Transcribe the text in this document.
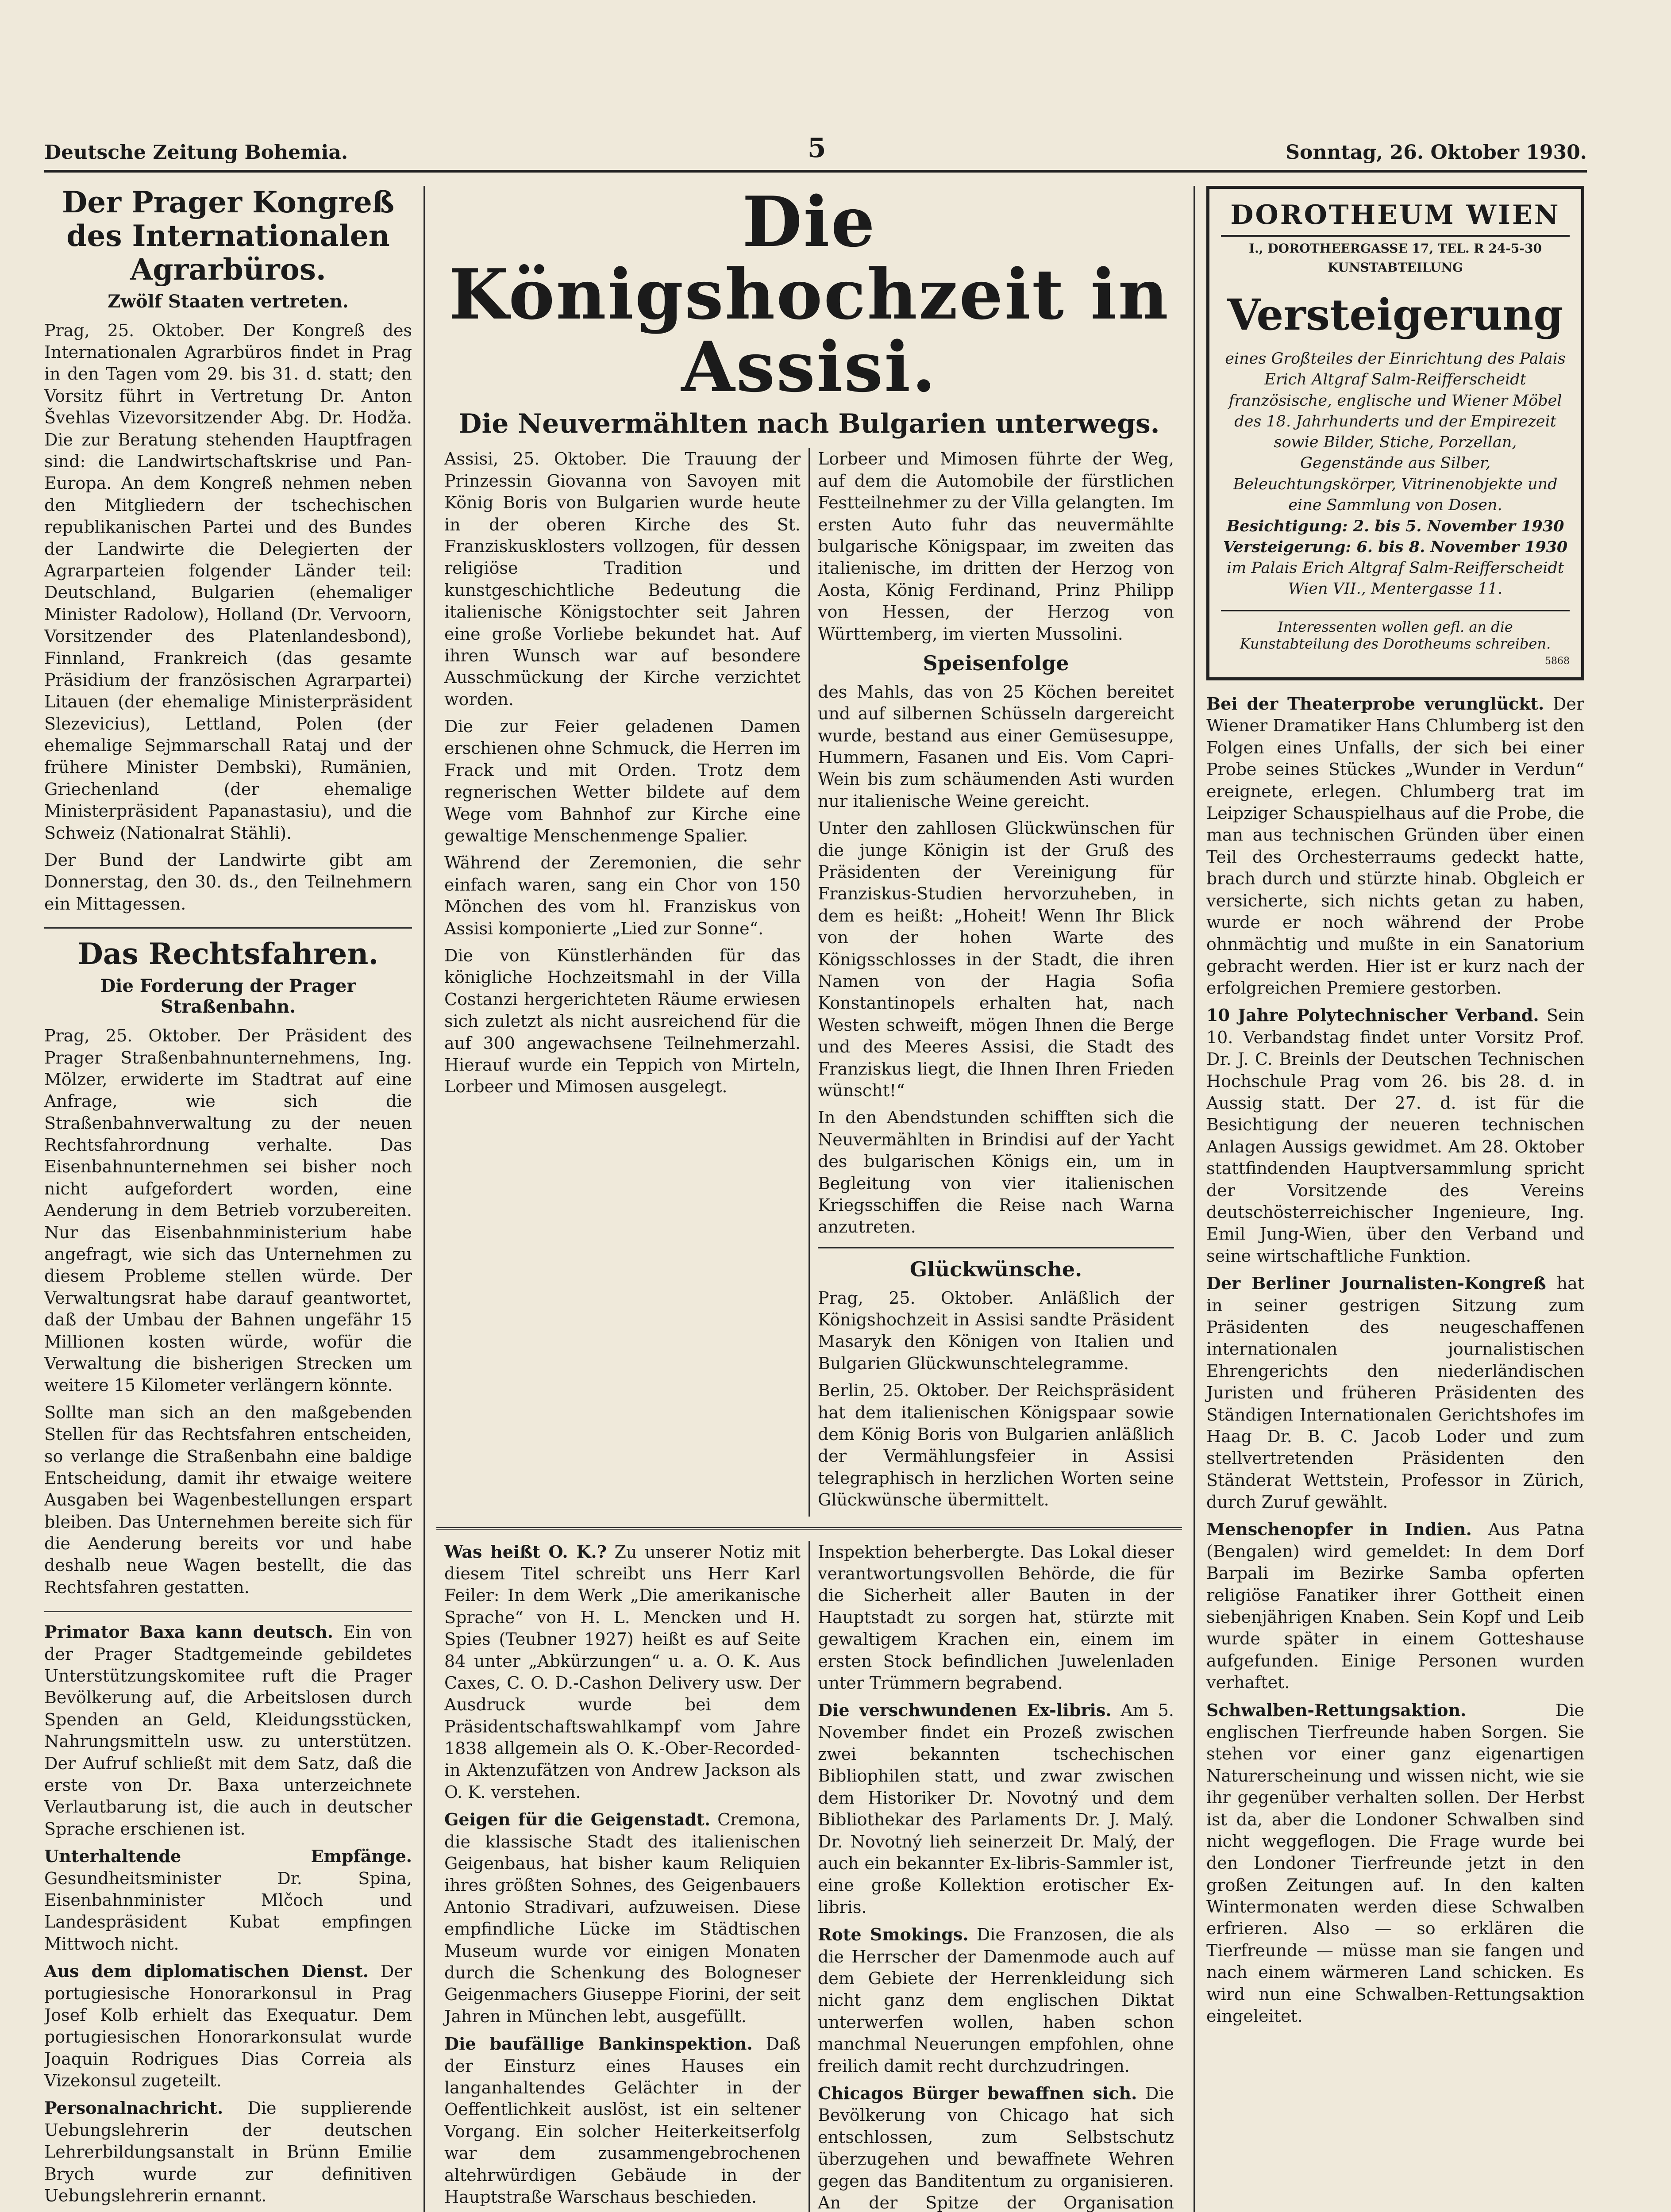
Deutsche Zeitung Bohemia.	5	Sonntag, 26. Oktober 1930.
Der Prager Kongreß des Internationalen Agrarbüros.
Zwölf Staaten vertreten.

Prag, 25. Oktober. Der Kongreß des Internationalen Agrarbüros findet in Prag in den Tagen vom 29. bis 31. d. statt; den Vorsitz führt in Vertretung Dr. Anton Švehlas Vizevorsitzender Abg. Dr. Hodža. Die zur Beratung stehenden Hauptfragen sind: die Landwirtschaftskrise und Pan-Europa. An dem Kongreß nehmen neben den Mitgliedern der tschechischen republikanischen Partei und des Bundes der Landwirte die Delegierten der Agrarparteien folgender Länder teil: Deutschland, Bulgarien (ehemaliger Minister Radolow), Holland (Dr. Vervoorn, Vorsitzender des Platenlandesbond), Finnland, Frankreich (das gesamte Präsidium der französischen Agrarpartei) Litauen (der ehemalige Ministerpräsident Slezevicius), Lettland, Polen (der ehemalige Sejmmarschall Rataj und der frühere Minister Dembski), Rumänien, Griechenland (der ehemalige Ministerpräsident Papanastasiu), und die Schweiz (Nationalrat Stähli).

Der Bund der Landwirte gibt am Donnerstag, den 30. ds., den Teilnehmern ein Mittagessen.

Das Rechtsfahren.
Die Forderung der Prager Straßenbahn.

Prag, 25. Oktober. Der Präsident des Prager Straßenbahnunternehmens, Ing. Mölzer, erwiderte im Stadtrat auf eine Anfrage, wie sich die Straßenbahnverwaltung zu der neuen Rechtsfahrordnung verhalte. Das Eisenbahnunternehmen sei bisher noch nicht aufgefordert worden, eine Aenderung in dem Betrieb vorzubereiten. Nur das Eisenbahnministerium habe angefragt, wie sich das Unternehmen zu diesem Probleme stellen würde. Der Verwaltungsrat habe darauf geantwortet, daß der Umbau der Bahnen ungefähr 15 Millionen kosten würde, wofür die Verwaltung die bisherigen Strecken um weitere 15 Kilometer verlängern könnte.

Sollte man sich an den maßgebenden Stellen für das Rechtsfahren entscheiden, so verlange die Straßenbahn eine baldige Entscheidung, damit ihr etwaige weitere Ausgaben bei Wagenbestellungen erspart bleiben. Das Unternehmen bereite sich für die Aenderung bereits vor und habe deshalb neue Wagen bestellt, die das Rechtsfahren gestatten.

Primator Baxa kann deutsch. Ein von der Prager Stadtgemeinde gebildetes Unterstützungskomitee ruft die Prager Bevölkerung auf, die Arbeitslosen durch Spenden an Geld, Kleidungsstücken, Nahrungsmitteln usw. zu unterstützen. Der Aufruf schließt mit dem Satz, daß die erste von Dr. Baxa unterzeichnete Verlautbarung ist, die auch in deutscher Sprache erschienen ist.

Unterhaltende Empfänge. Gesundheitsminister Dr. Spina, Eisenbahnminister Mlčoch und Landespräsident Kubat empfingen Mittwoch nicht.

Aus dem diplomatischen Dienst. Der portugiesische Honorarkonsul in Prag Josef Kolb erhielt das Exequatur. Dem portugiesischen Honorarkonsulat wurde Joaquin Rodrigues Dias Correia als Vizekonsul zugeteilt.

Personalnachricht. Die supplierende Uebungslehrerin der deutschen Lehrerbildungsanstalt in Brünn Emilie Brych wurde zur definitiven Uebungslehrerin ernannt.

Die Königshochzeit in Assisi.
Die Neuvermählten nach Bulgarien unterwegs.

Assisi, 25. Oktober. Die Trauung der Prinzessin Giovanna von Savoyen mit König Boris von Bulgarien wurde heute in der oberen Kirche des St. Franziskusklosters vollzogen, für dessen religiöse Tradition und kunstgeschichtliche Bedeutung die italienische Königstochter seit Jahren eine große Vorliebe bekundet hat. Auf ihren Wunsch war auf besondere Ausschmückung der Kirche verzichtet worden.

Die zur Feier geladenen Damen erschienen ohne Schmuck, die Herren im Frack und mit Orden. Trotz dem regnerischen Wetter bildete auf dem Wege vom Bahnhof zur Kirche eine gewaltige Menschenmenge Spalier.

Während der Zeremonien, die sehr einfach waren, sang ein Chor von 150 Mönchen des vom hl. Franziskus von Assisi komponierte „Lied zur Sonne“.

Die von Künstlerhänden für das königliche Hochzeitsmahl in der Villa Costanzi hergerichteten Räume erwiesen sich zuletzt als nicht ausreichend für die auf 300 angewachsene Teilnehmerzahl. Hierauf wurde ein Teppich von Mirteln, Lorbeer und Mimosen ausgelegt.

Lorbeer und Mimosen führte der Weg, auf dem die Automobile der fürstlichen Festteilnehmer zu der Villa gelangten. Im ersten Auto fuhr das neuvermählte bulgarische Königspaar, im zweiten das italienische, im dritten der Herzog von Aosta, König Ferdinand, Prinz Philipp von Hessen, der Herzog von Württemberg, im vierten Mussolini.

Speisenfolge

des Mahls, das von 25 Köchen bereitet und auf silbernen Schüsseln dargereicht wurde, bestand aus einer Gemüsesuppe, Hummern, Fasanen und Eis. Vom Capri-Wein bis zum schäumenden Asti wurden nur italienische Weine gereicht.

Unter den zahllosen Glückwünschen für die junge Königin ist der Gruß des Präsidenten der Vereinigung für Franziskus-Studien hervorzuheben, in dem es heißt: „Hoheit! Wenn Ihr Blick von der hohen Warte des Königsschlosses in der Stadt, die ihren Namen von der Hagia Sofia Konstantinopels erhalten hat, nach Westen schweift, mögen Ihnen die Berge und des Meeres Assisi, die Stadt des Franziskus liegt, die Ihnen Ihren Frieden wünscht!“

In den Abendstunden schifften sich die Neuvermählten in Brindisi auf der Yacht des bulgarischen Königs ein, um in Begleitung von vier italienischen Kriegsschiffen die Reise nach Warna anzutreten.

Glückwünsche.

Prag, 25. Oktober. Anläßlich der Königshochzeit in Assisi sandte Präsident Masaryk den Königen von Italien und Bulgarien Glückwunschtelegramme.

Berlin, 25. Oktober. Der Reichspräsident hat dem italienischen Königspaar sowie dem König Boris von Bulgarien anläßlich der Vermählungsfeier in Assisi telegraphisch in herzlichen Worten seine Glückwünsche übermittelt.

Was heißt O. K.? Zu unserer Notiz mit diesem Titel schreibt uns Herr Karl Feiler: In dem Werk „Die amerikanische Sprache“ von H. L. Mencken und H. Spies (Teubner 1927) heißt es auf Seite 84 unter „Abkürzungen“ u. a. O. K. Aus Caxes, C. O. D.-Cashon Delivery usw. Der Ausdruck wurde bei dem Präsidentschaftswahlkampf vom Jahre 1838 allgemein als O. K.-Ober-Recorded-in Aktenzufätzen von Andrew Jackson als O. K. verstehen.

Geigen für die Geigenstadt. Cremona, die klassische Stadt des italienischen Geigenbaus, hat bisher kaum Reliquien ihres größten Sohnes, des Geigenbauers Antonio Stradivari, aufzuweisen. Diese empfindliche Lücke im Städtischen Museum wurde vor einigen Monaten durch die Schenkung des Bologneser Geigenmachers Giuseppe Fiorini, der seit Jahren in München lebt, ausgefüllt.

Die baufällige Bankinspektion. Daß der Einsturz eines Hauses ein langanhaltendes Gelächter in der Oeffentlichkeit auslöst, ist ein seltener Vorgang. Ein solcher Heiterkeitserfolg war dem zusammengebrochenen altehrwürdigen Gebäude in der Hauptstraße Warschaus beschieden.

Inspektion beherbergte. Das Lokal dieser verantwortungsvollen Behörde, die für die Sicherheit aller Bauten in der Hauptstadt zu sorgen hat, stürzte mit gewaltigem Krachen ein, einem im ersten Stock befindlichen Juwelenladen unter Trümmern begrabend.

Die verschwundenen Ex-libris. Am 5. November findet ein Prozeß zwischen zwei bekannten tschechischen Bibliophilen statt, und zwar zwischen dem Historiker Dr. Novotný und dem Bibliothekar des Parlaments Dr. J. Malý. Dr. Novotný lieh seinerzeit Dr. Malý, der auch ein bekannter Ex-libris-Sammler ist, eine große Kollektion erotischer Ex-libris.

Rote Smokings. Die Franzosen, die als die Herrscher der Damenmode auch auf dem Gebiete der Herrenkleidung sich nicht ganz dem englischen Diktat unterwerfen wollen, haben schon manchmal Neuerungen empfohlen, ohne freilich damit recht durchzudringen.

Chicagos Bürger bewaffnen sich. Die Bevölkerung von Chicago hat sich entschlossen, zum Selbstschutz überzugehen und bewaffnete Wehren gegen das Banditentum zu organisieren. An der Spitze der Organisation

DOROTHEUM WIEN
I., DOROTHEERGASSE 17, TEL. R 24-5-30
KUNSTABTEILUNG
Versteigerung
eines Großteiles der Einrichtung des Palais Erich Altgraf Salm-Reifferscheidt französische, englische und Wiener Möbel des 18. Jahrhunderts und der Empirezeit sowie Bilder, Stiche, Porzellan, Gegenstände aus Silber, Beleuchtungskörper, Vitrinenobjekte und eine Sammlung von Dosen.
Besichtigung: 2. bis 5. November 1930
Versteigerung: 6. bis 8. November 1930
im Palais Erich Altgraf Salm-Reifferscheidt Wien VII., Mentergasse 11.
Interessenten wollen gefl. an die Kunstabteilung des Dorotheums schreiben.
5868

Bei der Theaterprobe verunglückt. Der Wiener Dramatiker Hans Chlumberg ist den Folgen eines Unfalls, der sich bei einer Probe seines Stückes „Wunder in Verdun“ ereignete, erlegen. Chlumberg trat im Leipziger Schauspielhaus auf die Probe, die man aus technischen Gründen über einen Teil des Orchesterraums gedeckt hatte, brach durch und stürzte hinab. Obgleich er versicherte, sich nichts getan zu haben, wurde er noch während der Probe ohnmächtig und mußte in ein Sanatorium gebracht werden. Hier ist er kurz nach der erfolgreichen Premiere gestorben.

10 Jahre Polytechnischer Verband. Sein 10. Verbandstag findet unter Vorsitz Prof. Dr. J. C. Breinls der Deutschen Technischen Hochschule Prag vom 26. bis 28. d. in Aussig statt. Der 27. d. ist für die Besichtigung der neueren technischen Anlagen Aussigs gewidmet. Am 28. Oktober stattfindenden Hauptversammlung spricht der Vorsitzende des Vereins deutschösterreichischer Ingenieure, Ing. Emil Jung-Wien, über den Verband und seine wirtschaftliche Funktion.

Der Berliner Journalisten-Kongreß hat in seiner gestrigen Sitzung zum Präsidenten des neugeschaffenen internationalen journalistischen Ehrengerichts den niederländischen Juristen und früheren Präsidenten des Ständigen Internationalen Gerichtshofes im Haag Dr. B. C. Jacob Loder und zum stellvertretenden Präsidenten den Ständerat Wettstein, Professor in Zürich, durch Zuruf gewählt.

Menschenopfer in Indien. Aus Patna (Bengalen) wird gemeldet: In dem Dorf Barpali im Bezirke Samba opferten religiöse Fanatiker ihrer Gottheit einen siebenjährigen Knaben. Sein Kopf und Leib wurde später in einem Gotteshause aufgefunden. Einige Personen wurden verhaftet.

Schwalben-Rettungsaktion.	Die englischen Tierfreunde haben Sorgen. Sie stehen vor einer ganz eigenartigen Naturerscheinung und wissen nicht, wie sie ihr gegenüber verhalten sollen. Der Herbst ist da, aber die Londoner Schwalben sind nicht weggeflogen. Die Frage wurde bei den Londoner Tierfreunde jetzt in den großen Zeitungen auf. In den kalten Wintermonaten werden diese Schwalben erfrieren. Also — so erklären die Tierfreunde — müsse man sie fangen und nach einem wärmeren Land schicken. Es wird nun eine Schwalben-Rettungsaktion eingeleitet.
